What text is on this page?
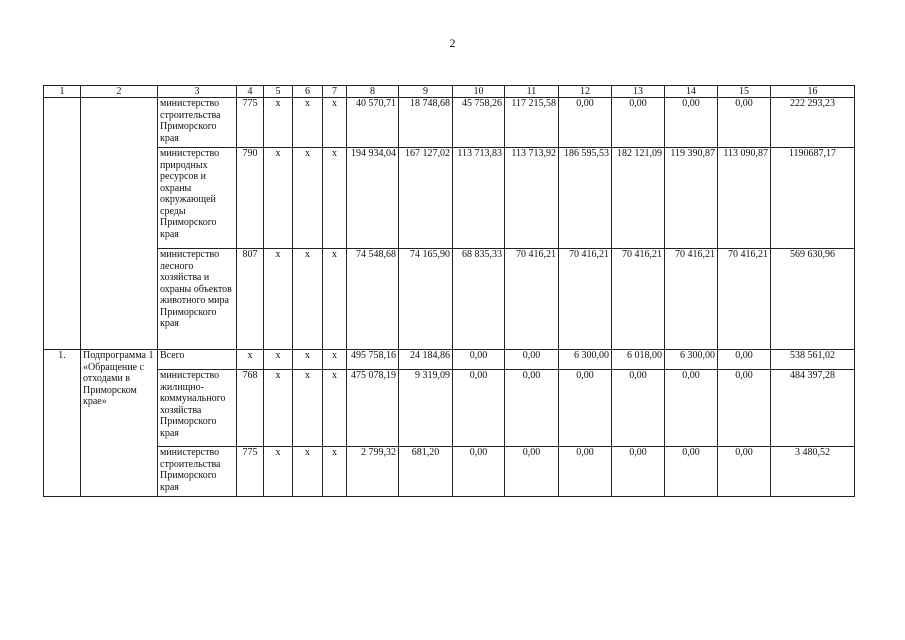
2
1	2	3	4	5	6	7	8	9	10	11	12	13	14	15	16
		министерство строительства Приморского края	775	x	x	x	40 570,71	18 748,68	45 758,26	117 215,58	0,00	0,00	0,00	0,00	222 293,23
		министерство природных ресурсов и охраны окружающей среды Приморского края	790	x	x	x	194 934,04	167 127,02	113 713,83	113 713,92	186 595,53	182 121,09	119 390,87	113 090,87	1190687,17
		министерство лесного хозяйства и охраны объектов животного мира Приморского края	807	x	x	x	74 548,68	74 165,90	68 835,33	70 416,21	70 416,21	70 416,21	70 416,21	70 416,21	569 630,96
1.	Подпрограмма 1 «Обращение с отходами в Приморском крае»	Всего	x	x	x	x	495 758,16	24 184,86	0,00	0,00	6 300,00	6 018,00	6 300,00	0,00	538 561,02
		министерство жилищно-коммунального хозяйства Приморского края	768	x	x	x	475 078,19	9 319,09	0,00	0,00	0,00	0,00	0,00	0,00	484 397,28
		министерство строительства Приморского края	775	x	x	x	2 799,32	681,20	0,00	0,00	0,00	0,00	0,00	0,00	3 480,52
